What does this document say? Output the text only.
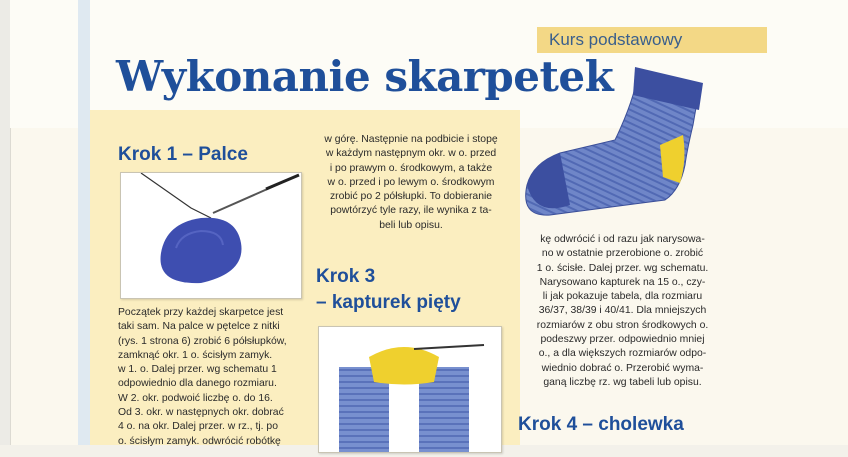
Kurs podstawowy
Wykonanie skarpetek
Krok 1 – Palce

Początek przy każdej skarpetce jest

taki sam. Na palce w pętelce z nitki

(rys. 1 strona 6) zrobić 6 półsłupków,

zamknąć okr. 1 o. ścisłym zamyk.

w 1. o. Dalej przer. wg schematu 1

odpowiednio dla danego rozmiaru.

W 2. okr. podwoić liczbę o. do 16.

Od 3. okr. w następnych okr. dobrać

4 o. na okr. Dalej przer. w rz., tj. po

o. ścisłym zamyk. odwrócić robótkę

w górę. Następnie na podbicie i stopę

w każdym następnym okr. w o. przed

i po prawym o. środkowym, a także

w o. przed i po lewym o. środkowym

zrobić po 2 półsłupki. To dobieranie

powtórzyć tyle razy, ile wynika z ta-

beli lub opisu.

Krok 3
– kapturek pięty

kę odwrócić i od razu jak narysowa-

no w ostatnie przerobione o. zrobić

1 o. ścisłe. Dalej przer. wg schematu.

Narysowano kapturek na 15 o., czy-

li jak pokazuje tabela, dla rozmiaru

36/37, 38/39 i 40/41. Dla mniejszych

rozmiarów z obu stron środkowych o.

podeszwy przer. odpowiednio mniej

o., a dla większych rozmiarów odpo-

wiednio dobrać o. Przerobić wyma-

ganą liczbę rz. wg tabeli lub opisu.

Krok 4 – cholewka
